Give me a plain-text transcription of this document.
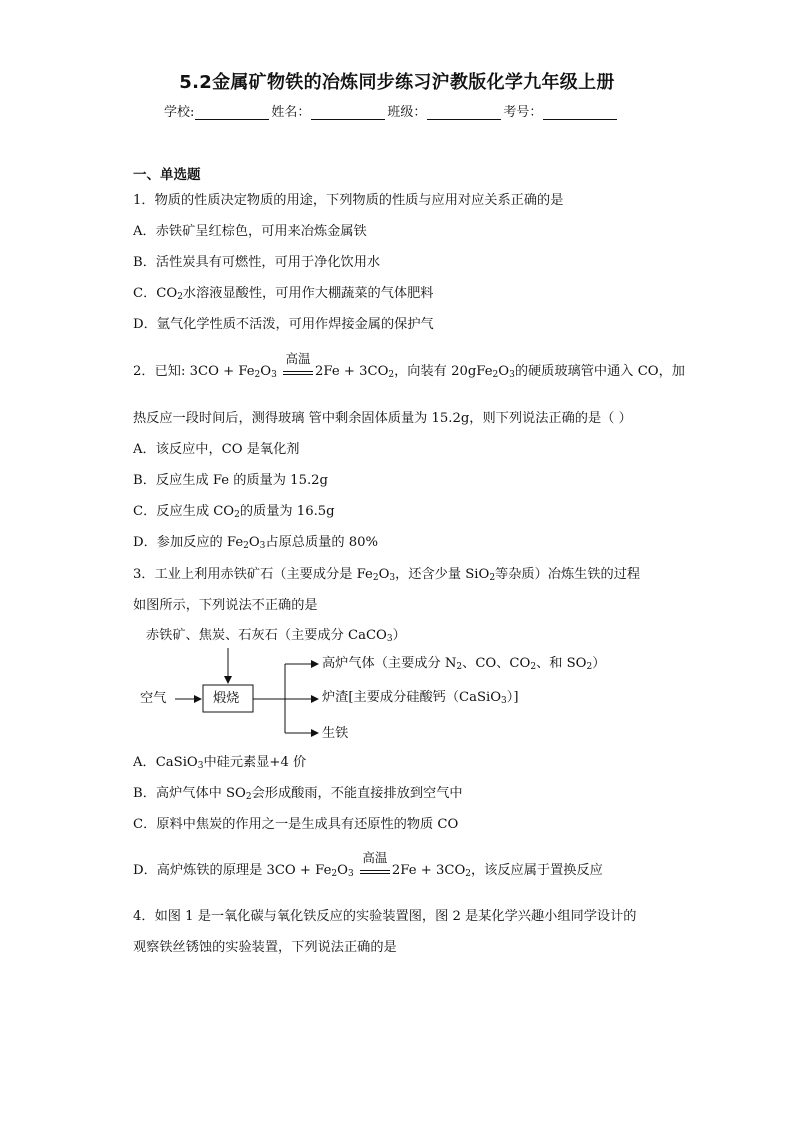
5.2金属矿物铁的冶炼同步练习沪教版化学九年级上册
学校:	姓名：	班级：	考号：
一、单选题
1．物质的性质决定物质的用途，下列物质的性质与应用对应关系正确的是
A．赤铁矿呈红棕色，可用来冶炼金属铁
B．活性炭具有可燃性，可用于净化饮用水
C．$CO_2$水溶液显酸性，可用作大棚蔬菜的气体肥料
D．氩气化学性质不活泼，可用作焊接金属的保护气
2．已知: $3CO + Fe_2O_3$
高温
$2Fe + 3CO_2$，向装有 $20gFe_2O_3$的硬质玻璃管中通入 CO，加
热反应一段时间后，测得玻璃 管中剩余固体质量为 15.2g，则下列说法正确的是（ ）
A．该反应中，CO 是氧化剂
B．反应生成 Fe 的质量为 15.2g
C．反应生成 $CO_2$的质量为 16.5g
D．参加反应的 $Fe_2O_3$占原总质量的 80%
3．工业上利用赤铁矿石（主要成分是 $Fe_2O_3$，还含少量 SiO$_2$等杂质）冶炼生铁的过程
如图所示，下列说法不正确的是
赤铁矿、焦炭、石灰石（主要成分 CaCO$_3$）
空气	煅烧
高炉气体（主要成分 $N_2$、CO、$CO_2$、和 $SO_2$）
炉渣[主要成分硅酸钙（CaSiO$_3$）]
生铁
A．CaSiO$_3$中硅元素显+4 价
B．高炉气体中 $SO_2$会形成酸雨，不能直接排放到空气中
C．原料中焦炭的作用之一是生成具有还原性的物质 CO
D．高炉炼铁的原理是 $3CO + Fe_2O_3$
高温
$2Fe + 3CO_2$，该反应属于置换反应
4．如图 1 是一氧化碳与氧化铁反应的实验装置图，图 2 是某化学兴趣小组同学设计的
观察铁丝锈蚀的实验装置，下列说法正确的是
